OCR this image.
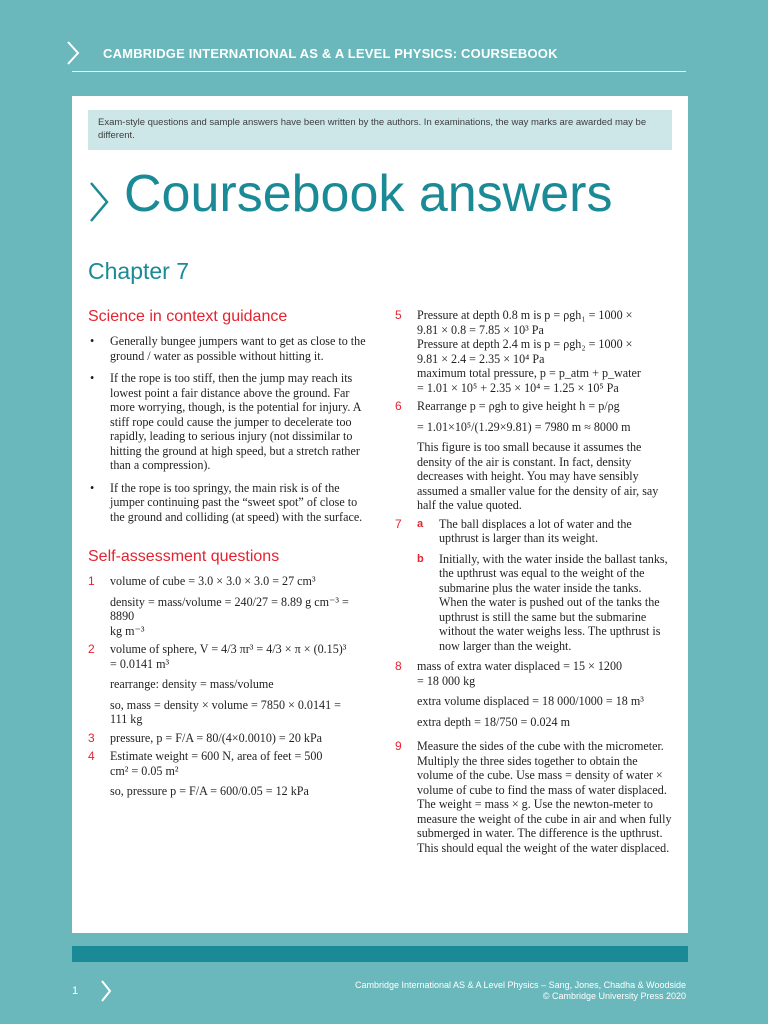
CAMBRIDGE INTERNATIONAL AS & A LEVEL PHYSICS: COURSEBOOK
Exam-style questions and sample answers have been written by the authors. In examinations, the way marks are awarded may be different.
Coursebook answers
Chapter 7
Science in context guidance
• Generally bungee jumpers want to get as close to the ground / water as possible without hitting it.
• If the rope is too stiff, then the jump may reach its lowest point a fair distance above the ground. Far more worrying, though, is the potential for injury. A stiff rope could cause the jumper to decelerate too rapidly, leading to serious injury (not dissimilar to hitting the ground at high speed, but a stretch rather than a compression).
• If the rope is too springy, the main risk is of the jumper continuing past the “sweet spot” of close to the ground and colliding (at speed) with the surface.
Self-assessment questions
1 volume of cube = 3.0 × 3.0 × 3.0 = 27 cm³

density = mass/volume = 240/27 = 8.89 g cm⁻³ = 8890

kg m⁻³

2 volume of sphere, V = 4/3 πr³ = 4/3 × π × (0.15)³

= 0.0141 m³

rearrange: density = mass/volume

so, mass = density × volume = 7850 × 0.0141 =

111 kg

3 pressure, p = F/A = 80/(4×0.0010) = 20 kPa

4 Estimate weight = 600 N, area of feet = 500

cm² = 0.05 m²

so, pressure p = F/A = 600/0.05 = 12 kPa

5 Pressure at depth 0.8 m is p = ρgh₁ = 1000 ×

9.81 × 0.8 = 7.85 × 10³ Pa

Pressure at depth 2.4 m is p = ρgh₂ = 1000 ×

9.81 × 2.4 = 2.35 × 10⁴ Pa

maximum total pressure, p = p_atm + p_water

= 1.01 × 10⁵ + 2.35 × 10⁴ = 1.25 × 10⁵ Pa

6 Rearrange p = ρgh to give height h = p/ρg

= 1.01×10⁵/(1.29×9.81) = 7980 m ≈ 8000 m

This figure is too small because it assumes the density of the air is constant. In fact, density decreases with height. You may have sensibly assumed a smaller value for the density of air, say half the value quoted.

7 a The ball displaces a lot of water and the upthrust is larger than its weight.

b Initially, with the water inside the ballast tanks, the upthrust was equal to the weight of the submarine plus the water inside the tanks. When the water is pushed out of the tanks the upthrust is still the same but the submarine without the water weighs less. The upthrust is now larger than the weight.

8 mass of extra water displaced = 15 × 1200

= 18 000 kg

extra volume displaced = 18 000/1000 = 18 m³

extra depth = 18/750 = 0.024 m

9 Measure the sides of the cube with the micrometer. Multiply the three sides together to obtain the volume of the cube. Use mass = density of water × volume of cube to find the mass of water displaced. The weight = mass × g. Use the newton-meter to measure the weight of the cube in air and when fully submerged in water. The difference is the upthrust. This should equal the weight of the water displaced.

1	Cambridge International AS & A Level Physics – Sang, Jones, Chadha & Woodside
© Cambridge University Press 2020
